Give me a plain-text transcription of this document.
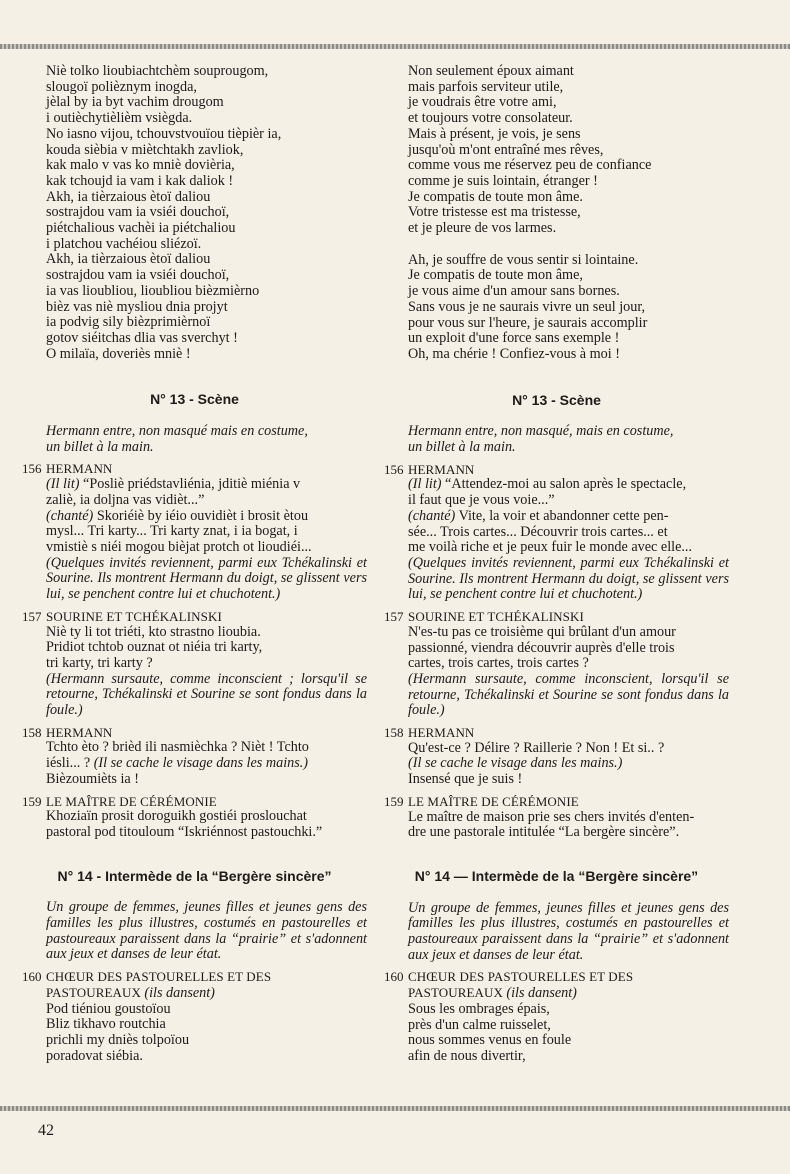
Niè tolko lioubiachtchèm souprougom,
slougoï polièznym inogda,
jèlal by ia byt vachim drougom
i outièchytièlièm vsiègda.
No iasno vijou, tchouvstvouïou tièpièr ia,
kouda sièbia v miètchtakh zavliok,
kak malo v vas ko mniè dovièria,
kak tchoujd ia vam i kak daliok !
Akh, ia tièrzaious ètoï daliou
sostrajdou vam ia vsiéi douchoï,
piétchalious vachèi ia piétchaliou
i platchou vachéiou sliézoï.
Akh, ia tièrzaious ètoï daliou
sostrajdou vam ia vsiéi douchoï,
ia vas lioubliou, lioubliou bièzmièrno
bièz vas niè mysliou dnia projyt
ia podvig sily bièzprimièrnoï
gotov siéitchas dlia vas sverchyt !
O milaïa, doveriès mniè !
N° 13 - Scène
Hermann entre, non masqué mais en costume,
un billet à la main.
156 HERMANN
(Il lit) “Posliè priédstavliénia, jditiè miénia v
zaliè, ia doljna vas vidièt...”
(chanté) Skoriéiè by iéio ouvidièt i brosit ètou
mysl... Tri karty... Tri karty znat, i ia bogat, i
vmistiè s niéi mogou bièjat protch ot lioudiéi...
(Quelques invités reviennent, parmi eux Tchékalinski et Sourine. Ils montrent Hermann du doigt, se glissent vers lui, se penchent contre lui et chuchotent.)
157 SOURINE ET TCHÉKALINSKI
Niè ty li tot triéti, kto strastno lioubia.
Pridiot tchtob ouznat ot niéia tri karty,
tri karty, tri karty ?
(Hermann sursaute, comme inconscient ; lorsqu'il se retourne, Tchékalinski et Sourine se sont fondus dans la foule.)
158 HERMANN
Tchto èto ? brièd ili nasmièchka ? Nièt ! Tchto
iésli... ? (Il se cache le visage dans les mains.)
Bièzoumièts ia !
159 LE MAÎTRE DE CÉRÉMONIE
Khoziaïn prosit doroguikh gostiéi proslouchat
pastoral pod titouloum “Iskriénnost pastouchki.”
N° 14 - Intermède de la “Bergère sincère”
Un groupe de femmes, jeunes filles et jeunes gens des familles les plus illustres, costumés en pastourelles et pastoureaux paraissent dans la “prairie” et s'adonnent aux jeux et danses de leur état.
160 CHŒUR DES PASTOURELLES ET DES
PASTOUREAUX (ils dansent)
Pod tiéniou goustoïou
Bliz tikhavo routchia
prichli my dniès tolpoïou
poradovat siébia.
Non seulement époux aimant
mais parfois serviteur utile,
je voudrais être votre ami,
et toujours votre consolateur.
Mais à présent, je vois, je sens
jusqu'où m'ont entraîné mes rêves,
comme vous me réservez peu de confiance
comme je suis lointain, étranger !
Je compatis de toute mon âme.
Votre tristesse est ma tristesse,
et je pleure de vos larmes.
Ah, je souffre de vous sentir si lointaine.
Je compatis de toute mon âme,
je vous aime d'un amour sans bornes.
Sans vous je ne saurais vivre un seul jour,
pour vous sur l'heure, je saurais accomplir
un exploit d'une force sans exemple !
Oh, ma chérie ! Confiez-vous à moi !
N° 13 - Scène
Hermann entre, non masqué, mais en costume,
un billet à la main.
156 HERMANN
(Il lit) “Attendez-moi au salon après le spectacle,
il faut que je vous voie...”
(chanté) Vite, la voir et abandonner cette pen-
sée... Trois cartes... Découvrir trois cartes... et
me voilà riche et je peux fuir le monde avec elle...
(Quelques invités reviennent, parmi eux Tchékalinski et Sourine. Ils montrent Hermann du doigt, se glissent vers lui, se penchent contre lui et chuchotent.)
157 SOURINE ET TCHÉKALINSKI
N'es-tu pas ce troisième qui brûlant d'un amour
passionné, viendra découvrir auprès d'elle trois
cartes, trois cartes, trois cartes ?
(Hermann sursaute, comme inconscient, lorsqu'il se retourne, Tchékalinski et Sourine se sont fondus dans la foule.)
158 HERMANN
Qu'est-ce ? Délire ? Raillerie ? Non ! Et si.. ?
(Il se cache le visage dans les mains.)
Insensé que je suis !
159 LE MAÎTRE DE CÉRÉMONIE
Le maître de maison prie ses chers invités d'enten-
dre une pastorale intitulée “La bergère sincère”.
N° 14 — Intermède de la “Bergère sincère”
Un groupe de femmes, jeunes filles et jeunes gens des familles les plus illustres, costumés en pastourelles et pastoureaux paraissent dans la “prairie” et s'adonnent aux jeux et danses de leur état.
160 CHŒUR DES PASTOURELLES ET DES
PASTOUREAUX (ils dansent)
Sous les ombrages épais,
près d'un calme ruisselet,
nous sommes venus en foule
afin de nous divertir,
42
